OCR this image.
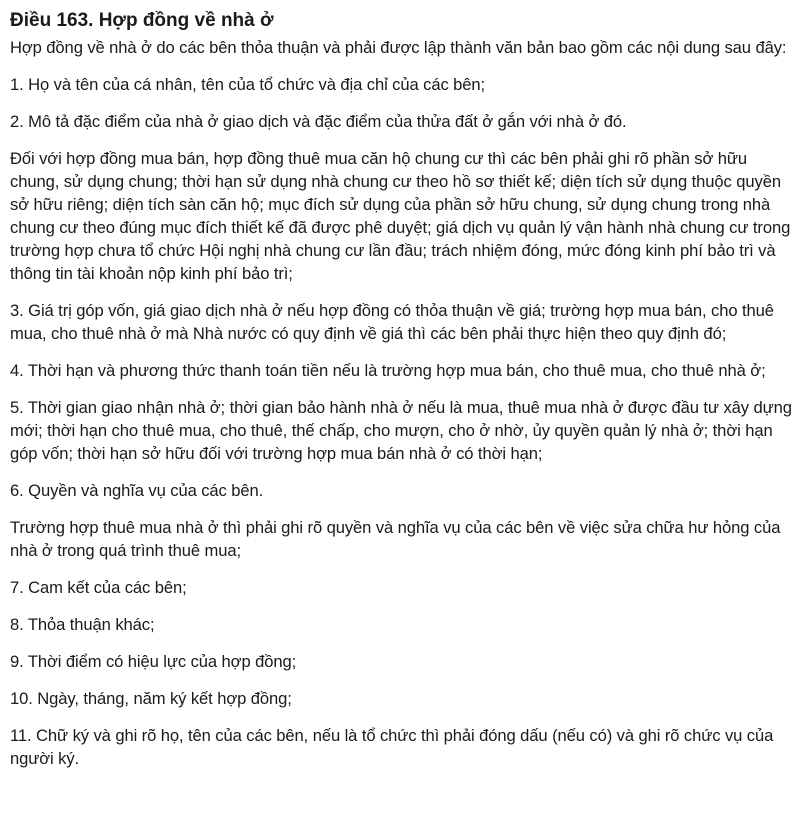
Điều 163. Hợp đồng về nhà ở

Hợp đồng về nhà ở do các bên thỏa thuận và phải được lập thành văn bản bao gồm các nội dung sau đây:

1. Họ và tên của cá nhân, tên của tổ chức và địa chỉ của các bên;

2. Mô tả đặc điểm của nhà ở giao dịch và đặc điểm của thửa đất ở gắn với nhà ở đó.

Đối với hợp đồng mua bán, hợp đồng thuê mua căn hộ chung cư thì các bên phải ghi rõ phần sở hữu chung, sử dụng chung; thời hạn sử dụng nhà chung cư theo hồ sơ thiết kế; diện tích sử dụng thuộc quyền sở hữu riêng; diện tích sàn căn hộ; mục đích sử dụng của phần sở hữu chung, sử dụng chung trong nhà chung cư theo đúng mục đích thiết kế đã được phê duyệt; giá dịch vụ quản lý vận hành nhà chung cư trong trường hợp chưa tổ chức Hội nghị nhà chung cư lần đầu; trách nhiệm đóng, mức đóng kinh phí bảo trì và thông tin tài khoản nộp kinh phí bảo trì;

3. Giá trị góp vốn, giá giao dịch nhà ở nếu hợp đồng có thỏa thuận về giá; trường hợp mua bán, cho thuê mua, cho thuê nhà ở mà Nhà nước có quy định về giá thì các bên phải thực hiện theo quy định đó;

4. Thời hạn và phương thức thanh toán tiền nếu là trường hợp mua bán, cho thuê mua, cho thuê nhà ở;

5. Thời gian giao nhận nhà ở; thời gian bảo hành nhà ở nếu là mua, thuê mua nhà ở được đầu tư xây dựng mới; thời hạn cho thuê mua, cho thuê, thế chấp, cho mượn, cho ở nhờ, ủy quyền quản lý nhà ở; thời hạn góp vốn; thời hạn sở hữu đối với trường hợp mua bán nhà ở có thời hạn;

6. Quyền và nghĩa vụ của các bên.

Trường hợp thuê mua nhà ở thì phải ghi rõ quyền và nghĩa vụ của các bên về việc sửa chữa hư hỏng của nhà ở trong quá trình thuê mua;

7. Cam kết của các bên;

8. Thỏa thuận khác;

9. Thời điểm có hiệu lực của hợp đồng;

10. Ngày, tháng, năm ký kết hợp đồng;

11. Chữ ký và ghi rõ họ, tên của các bên, nếu là tổ chức thì phải đóng dấu (nếu có) và ghi rõ chức vụ của người ký.
